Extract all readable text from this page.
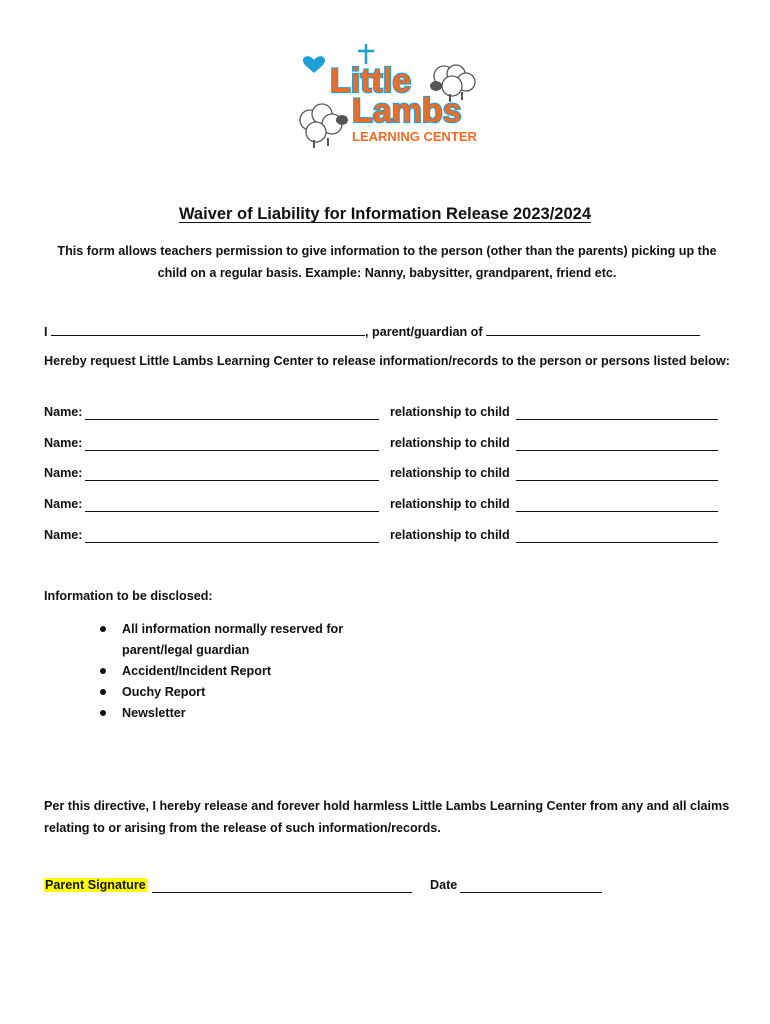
Little
Lambs
LEARNING CENTER
Waiver of Liability for Information Release 2023/2024
This form allows teachers permission to give information to the person (other than the parents) picking up the child on a regular basis. Example: Nanny, babysitter, grandparent, friend etc.
I	, parent/guardian of
Hereby request Little Lambs Learning Center to release information/records to the person or persons listed below:
Name:	relationship to child
Name:	relationship to child
Name:	relationship to child
Name:	relationship to child
Name:	relationship to child
Information to be disclosed:
All information normally reserved for parent/legal guardian
Accident/Incident Report
Ouchy Report
Newsletter
Per this directive, I hereby release and forever hold harmless Little Lambs Learning Center from any and all claims relating to or arising from the release of such information/records.
Parent Signature	Date
